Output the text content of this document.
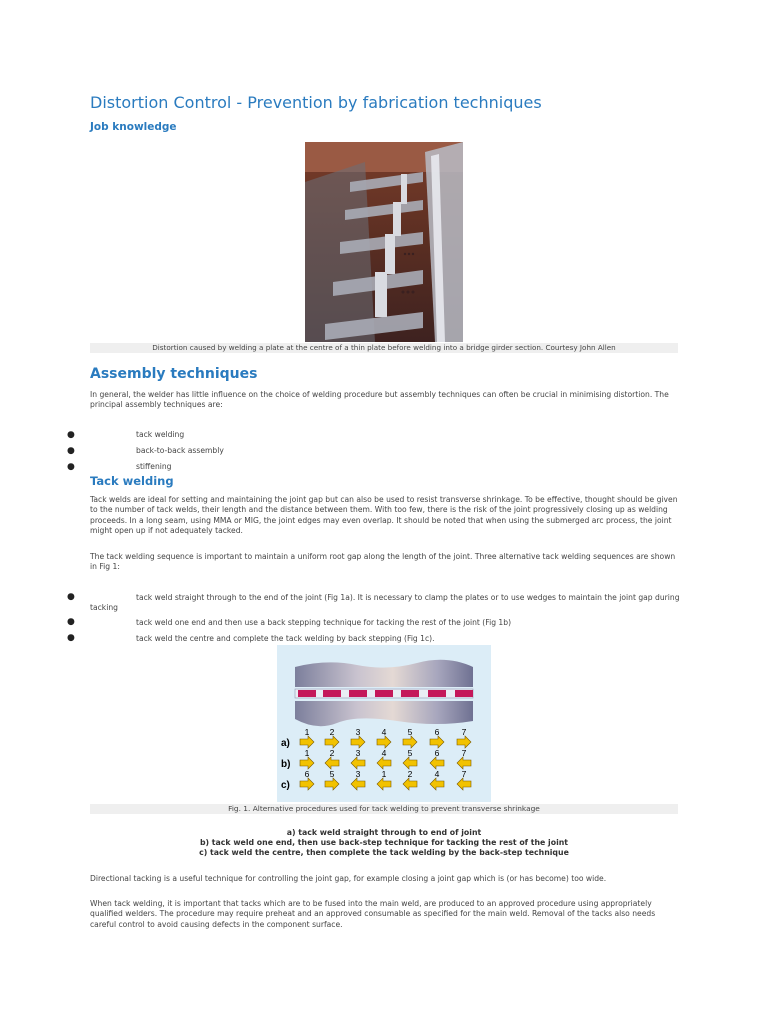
Distortion Control - Prevention by fabrication techniques
Job knowledge
Distortion caused by welding a plate at the centre of a thin plate before welding into a bridge girder section. Courtesy John Allen
Assembly techniques

In general, the welder has little influence on the choice of welding procedure but assembly techniques can often be crucial in minimising distortion. The principal assembly techniques are:

●	tack welding
●	back-to-back assembly
●	stiffening
Tack welding

Tack welds are ideal for setting and maintaining the joint gap but can also be used to resist transverse shrinkage. To be effective, thought should be given to the number of tack welds, their length and the distance between them. With too few, there is the risk of the joint progressively closing up as welding proceeds. In a long seam, using MMA or MIG, the joint edges may even overlap. It should be noted that when using the submerged arc process, the joint might open up if not adequately tacked.

The tack welding sequence is important to maintain a uniform root gap along the length of the joint. Three alternative tack welding sequences are shown in Fig 1:

●	tack weld straight through to the end of the joint (Fig 1a). It is necessary to clamp the plates or to use wedges to maintain the joint gap during tacking
●	tack weld one end and then use a back stepping technique for tacking the rest of the joint (Fig 1b)
●	tack weld the centre and complete the tack welding by back stepping (Fig 1c).
a)
1 2	3	4	5	6	7
b)
1 2	3	4	5	6	7
c)
6 5	3	1	2	4	7
Fig. 1. Alternative procedures used for tack welding to prevent transverse shrinkage
a) tack weld straight through to end of joint
b) tack weld one end, then use back-step technique for tacking the rest of the joint
c) tack weld the centre, then complete the tack welding by the back-step technique

Directional tacking is a useful technique for controlling the joint gap, for example closing a joint gap which is (or has become) too wide.

When tack welding, it is important that tacks which are to be fused into the main weld, are produced to an approved procedure using appropriately qualified welders. The procedure may require preheat and an approved consumable as specified for the main weld. Removal of the tacks also needs careful control to avoid causing defects in the component surface.
